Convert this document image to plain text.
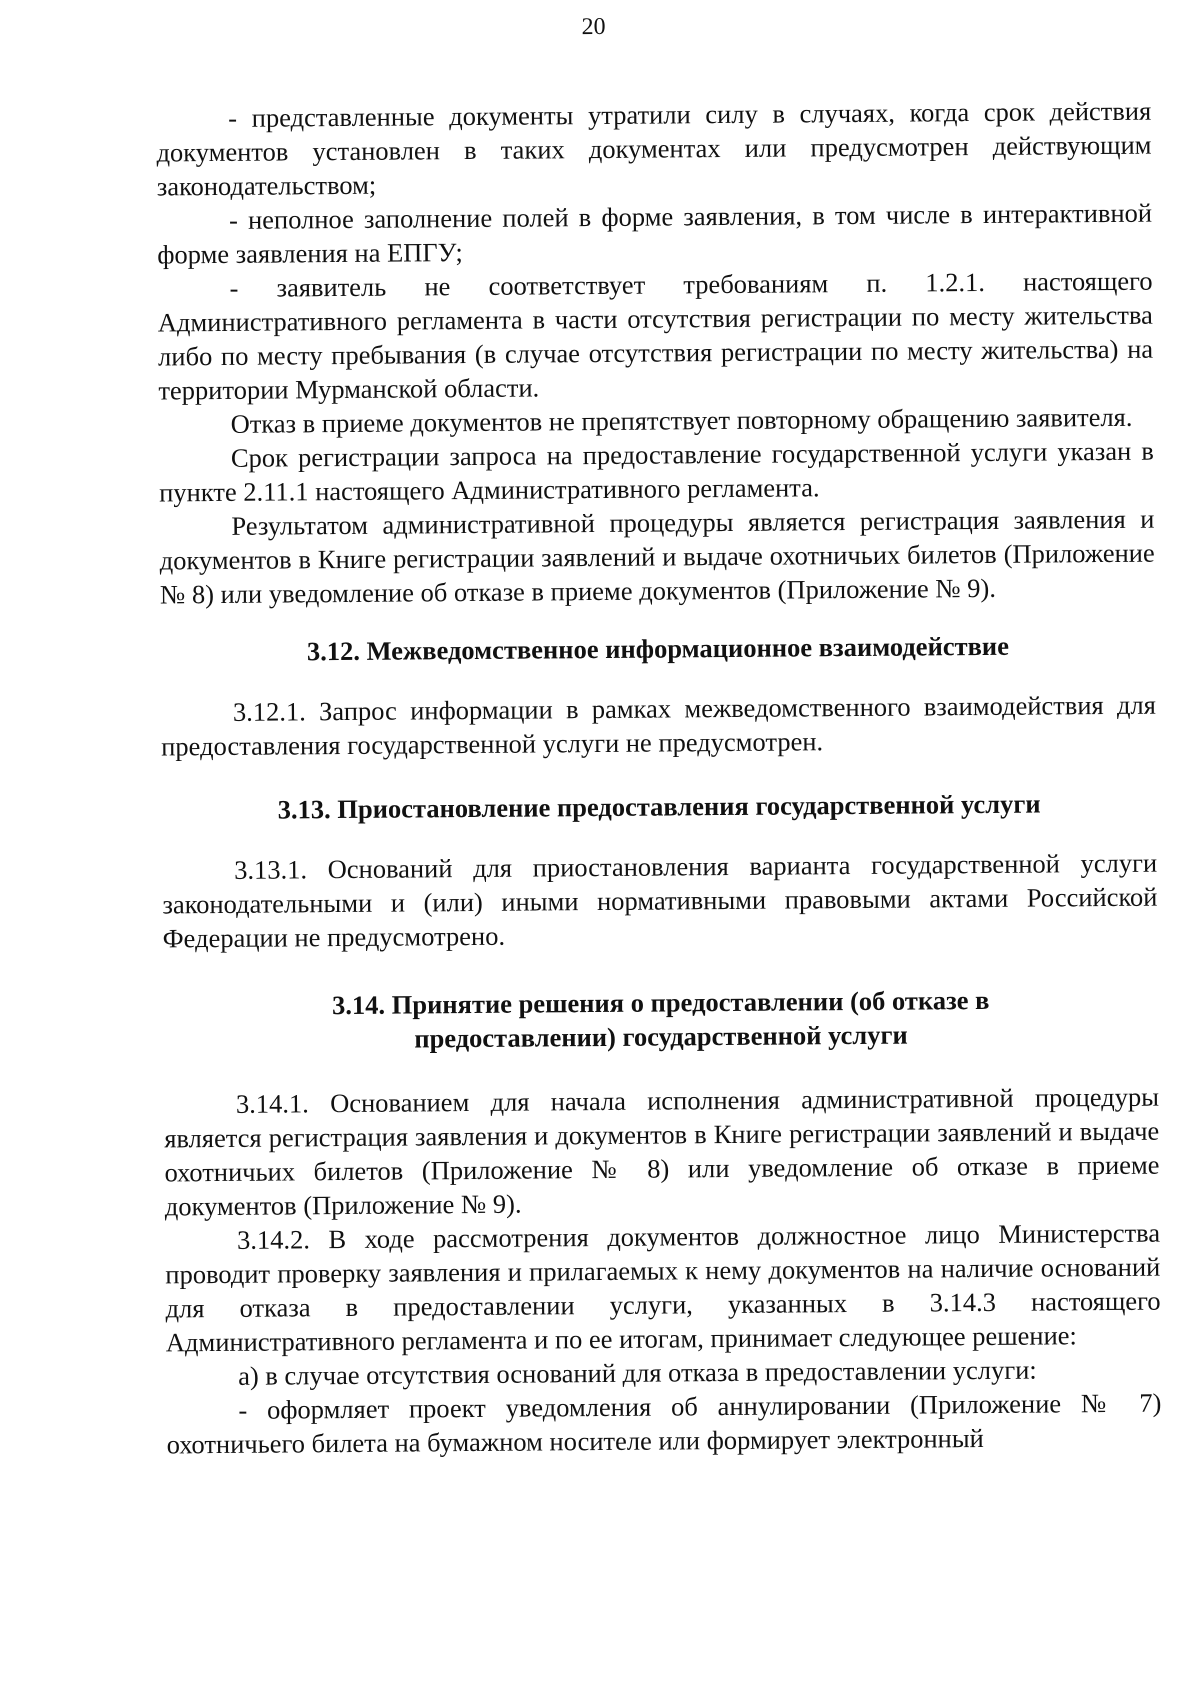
20

- представленные документы утратили силу в случаях, когда срок действия документов установлен в таких документах или предусмотрен действующим законодательством;

- неполное заполнение полей в форме заявления, в том числе в интерактивной форме заявления на ЕПГУ;

- заявитель не соответствует требованиям п. 1.2.1. настоящего Административного регламента в части отсутствия регистрации по месту жительства либо по месту пребывания (в случае отсутствия регистрации по месту жительства) на территории Мурманской области.

Отказ в приеме документов не препятствует повторному обращению заявителя.

Срок регистрации запроса на предоставление государственной услуги указан в пункте 2.11.1 настоящего Административного регламента.

Результатом административной процедуры является регистрация заявления и документов в Книге регистрации заявлений и выдаче охотничьих билетов (Приложение № 8) или уведомление об отказе в приеме документов (Приложение № 9).

3.12. Межведомственное информационное взаимодействие

3.12.1. Запрос информации в рамках межведомственного взаимодействия для предоставления государственной услуги не предусмотрен.

3.13. Приостановление предоставления государственной услуги

3.13.1. Оснований для приостановления варианта государственной услуги законодательными и (или) иными нормативными правовыми актами Российской Федерации не предусмотрено.

3.14. Принятие решения о предоставлении (об отказе в
предоставлении) государственной услуги

3.14.1. Основанием для начала исполнения административной процедуры является регистрация заявления и документов в Книге регистрации заявлений и выдаче охотничьих билетов (Приложение № 8) или уведомление об отказе в приеме документов (Приложение № 9).

3.14.2. В ходе рассмотрения документов должностное лицо Министерства проводит проверку заявления и прилагаемых к нему документов на наличие оснований для отказа в предоставлении услуги, указанных в 3.14.3 настоящего Административного регламента и по ее итогам, принимает следующее решение:

а) в случае отсутствия оснований для отказа в предоставлении услуги:

- оформляет проект уведомления об аннулировании (Приложение № 7) охотничьего билета на бумажном носителе или формирует электронный
